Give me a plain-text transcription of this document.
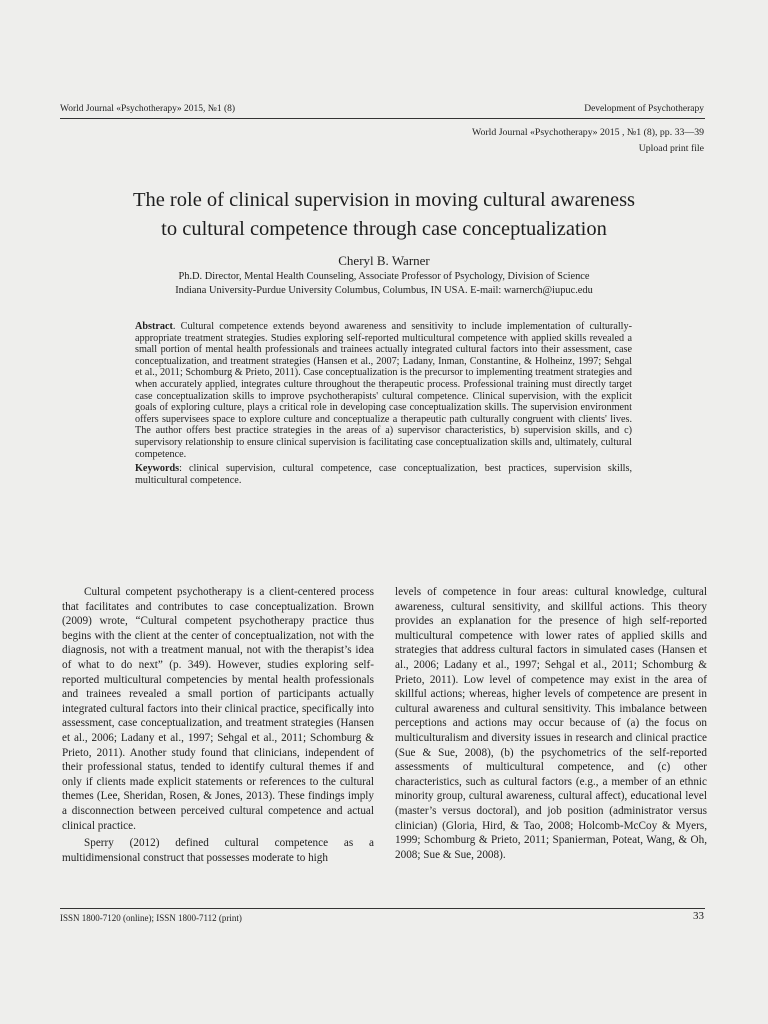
World Journal «Psychotherapy» 2015, №1 (8)	Development of Psychotherapy
World Journal «Psychotherapy» 2015 , №1 (8), pp. 33—39
Upload print file
The role of clinical supervision in moving cultural awareness
to cultural competence through case conceptualization
Cheryl B. Warner
Ph.D. Director, Mental Health Counseling, Associate Professor of Psychology, Division of Science
Indiana University-Purdue University Columbus, Columbus, IN USA. E-mail: warnerch@iupuc.edu

Abstract. Cultural competence extends beyond awareness and sensitivity to include implementation of culturally-appropriate treatment strategies. Studies exploring self-reported multicultural competence with applied skills revealed a small portion of mental health professionals and trainees actually integrated cultural factors into their assessment, case conceptualization, and treatment strategies (Hansen et al., 2007; Ladany, Inman, Constantine, & Holheinz, 1997; Sehgal et al., 2011; Schomburg & Prieto, 2011). Case conceptualization is the precursor to implementing treatment strategies and when accurately applied, integrates culture throughout the therapeutic process. Professional training must directly target case conceptualization skills to improve psychotherapists' cultural competence. Clinical supervision, with the explicit goals of exploring culture, plays a critical role in developing case conceptualization skills. The supervision environment offers supervisees space to explore culture and conceptualize a therapeutic path culturally congruent with clients' lives. The author offers best practice strategies in the areas of a) supervisor characteristics, b) supervision skills, and c) supervisory relationship to ensure clinical supervision is facilitating case conceptualization skills and, ultimately, cultural competence.

Keywords: clinical supervision, cultural competence, case conceptualization, best practices, supervision skills, multicultural competence.

Cultural competent psychotherapy is a client-centered process that facilitates and contributes to case conceptualization. Brown (2009) wrote, “Cultural competent psychotherapy practice thus begins with the client at the center of conceptualization, not with the diagnosis, not with a treatment manual, not with the therapist’s idea of what to do next” (p. 349). However, studies exploring self-reported multicultural competencies by mental health professionals and trainees revealed a small portion of participants actually integrated cultural factors into their clinical practice, specifically into assessment, case conceptualization, and treatment strategies (Hansen et al., 2006; Ladany et al., 1997; Sehgal et al., 2011; Schomburg & Prieto, 2011). Another study found that clinicians, independent of their professional status, tended to identify cultural themes if and only if clients made explicit statements or references to the cultural themes (Lee, Sheridan, Rosen, & Jones, 2013). These findings imply a disconnection between perceived cultural competence and actual clinical practice.

Sperry (2012) defined cultural competence as a multidimensional construct that possesses moderate to high

levels of competence in four areas: cultural knowledge, cultural awareness, cultural sensitivity, and skillful actions. This theory provides an explanation for the presence of high self-reported multicultural competence with lower rates of applied skills and strategies that address cultural factors in simulated cases (Hansen et al., 2006; Ladany et al., 1997; Sehgal et al., 2011; Schomburg & Prieto, 2011). Low level of competence may exist in the area of skillful actions; whereas, higher levels of competence are present in cultural awareness and cultural sensitivity. This imbalance between perceptions and actions may occur because of (a) the focus on multiculturalism and diversity issues in research and clinical practice (Sue & Sue, 2008), (b) the psychometrics of the self-reported assessments of multicultural competence, and (c) other characteristics, such as cultural factors (e.g., a member of an ethnic minority group, cultural awareness, cultural affect), educational level (master’s versus doctoral), and job position (administrator versus clinician) (Gloria, Hird, & Tao, 2008; Holcomb-McCoy & Myers, 1999; Schomburg & Prieto, 2011; Spanierman, Poteat, Wang, & Oh, 2008; Sue & Sue, 2008).

ISSN 1800-7120 (online); ISSN 1800-7112 (print)	33
